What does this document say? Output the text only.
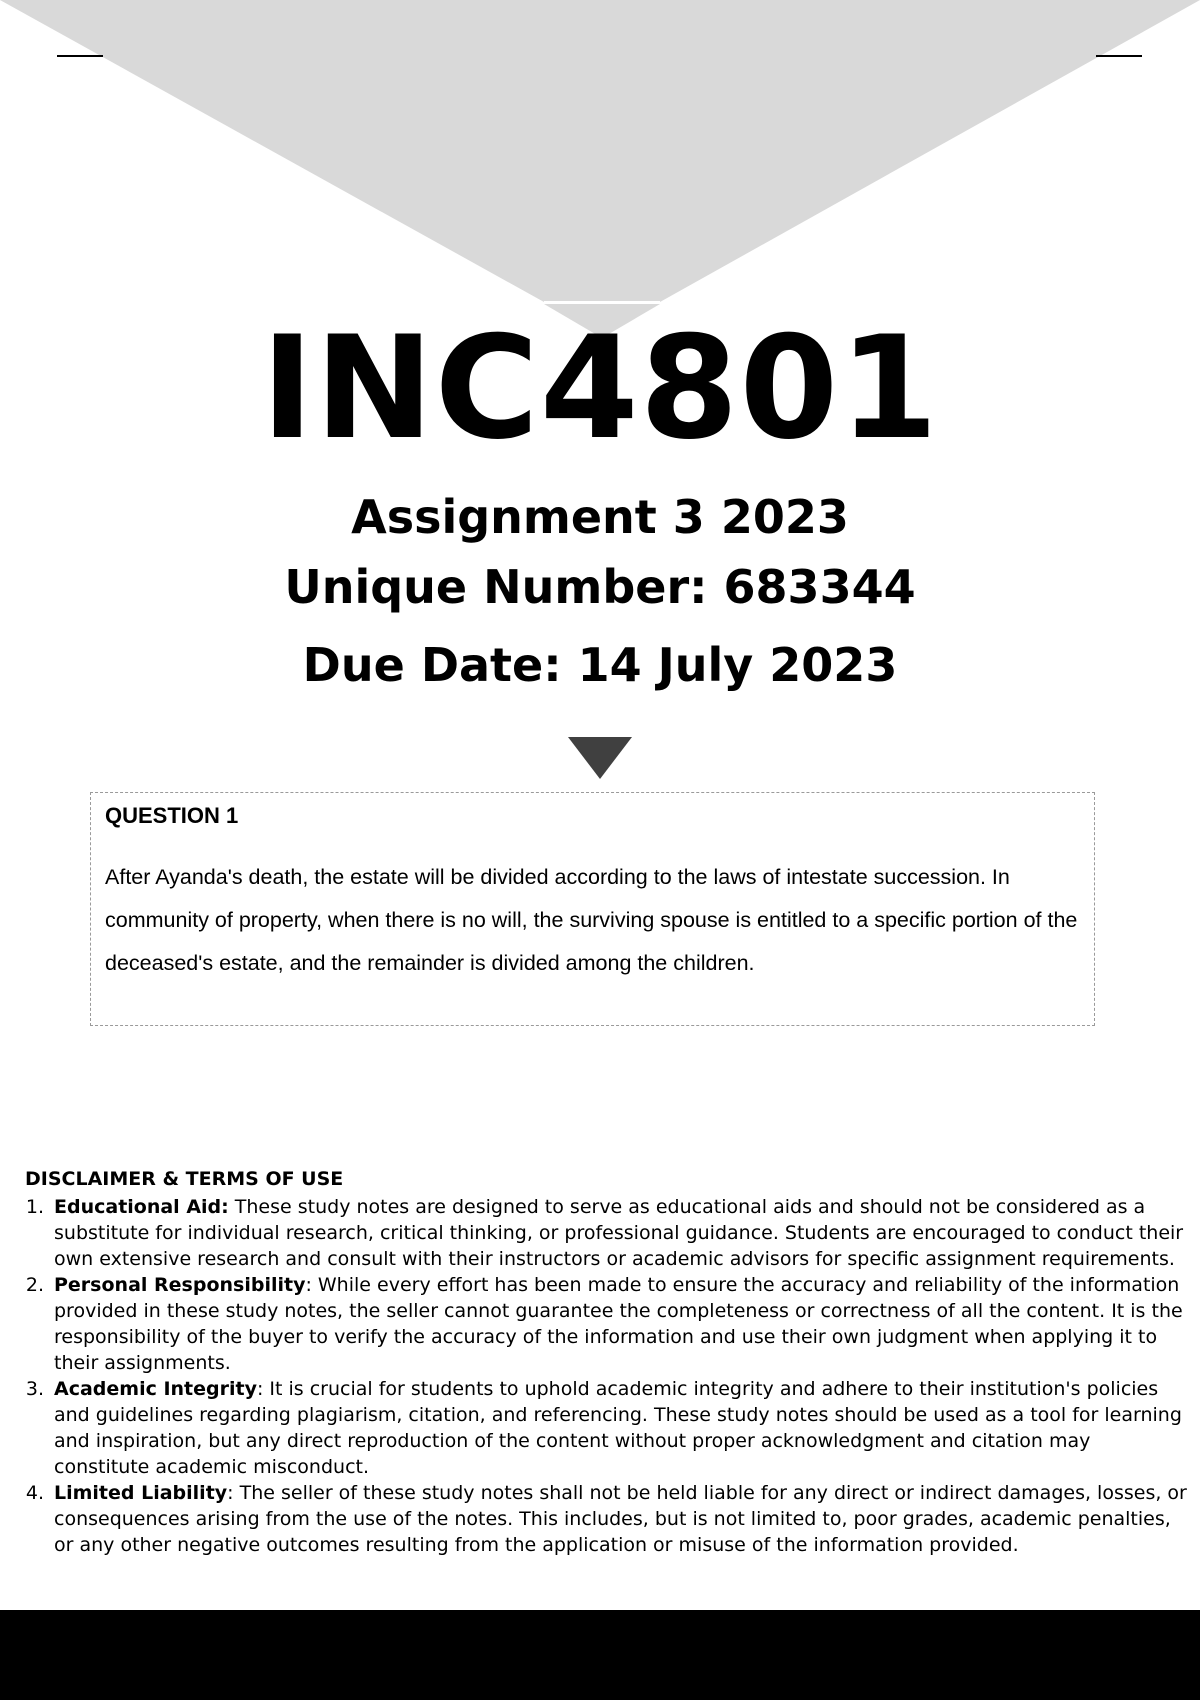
INC4801

Assignment 3 2023

Unique Number: 683344

Due Date: 14 July 2023

QUESTION 1

After Ayanda's death, the estate will be divided according to the laws of intestate succession. In community of property, when there is no will, the surviving spouse is entitled to a specific portion of the deceased's estate, and the remainder is divided among the children.

DISCLAIMER & TERMS OF USE
1. Educational Aid: These study notes are designed to serve as educational aids and should not be considered as a substitute for individual research, critical thinking, or professional guidance. Students are encouraged to conduct their own extensive research and consult with their instructors or academic advisors for specific assignment requirements.
2. Personal Responsibility: While every effort has been made to ensure the accuracy and reliability of the information provided in these study notes, the seller cannot guarantee the completeness or correctness of all the content. It is the responsibility of the buyer to verify the accuracy of the information and use their own judgment when applying it to their assignments.
3. Academic Integrity: It is crucial for students to uphold academic integrity and adhere to their institution's policies and guidelines regarding plagiarism, citation, and referencing. These study notes should be used as a tool for learning and inspiration, but any direct reproduction of the content without proper acknowledgment and citation may constitute academic misconduct.
4. Limited Liability: The seller of these study notes shall not be held liable for any direct or indirect damages, losses, or consequences arising from the use of the notes. This includes, but is not limited to, poor grades, academic penalties, or any other negative outcomes resulting from the application or misuse of the information provided.
